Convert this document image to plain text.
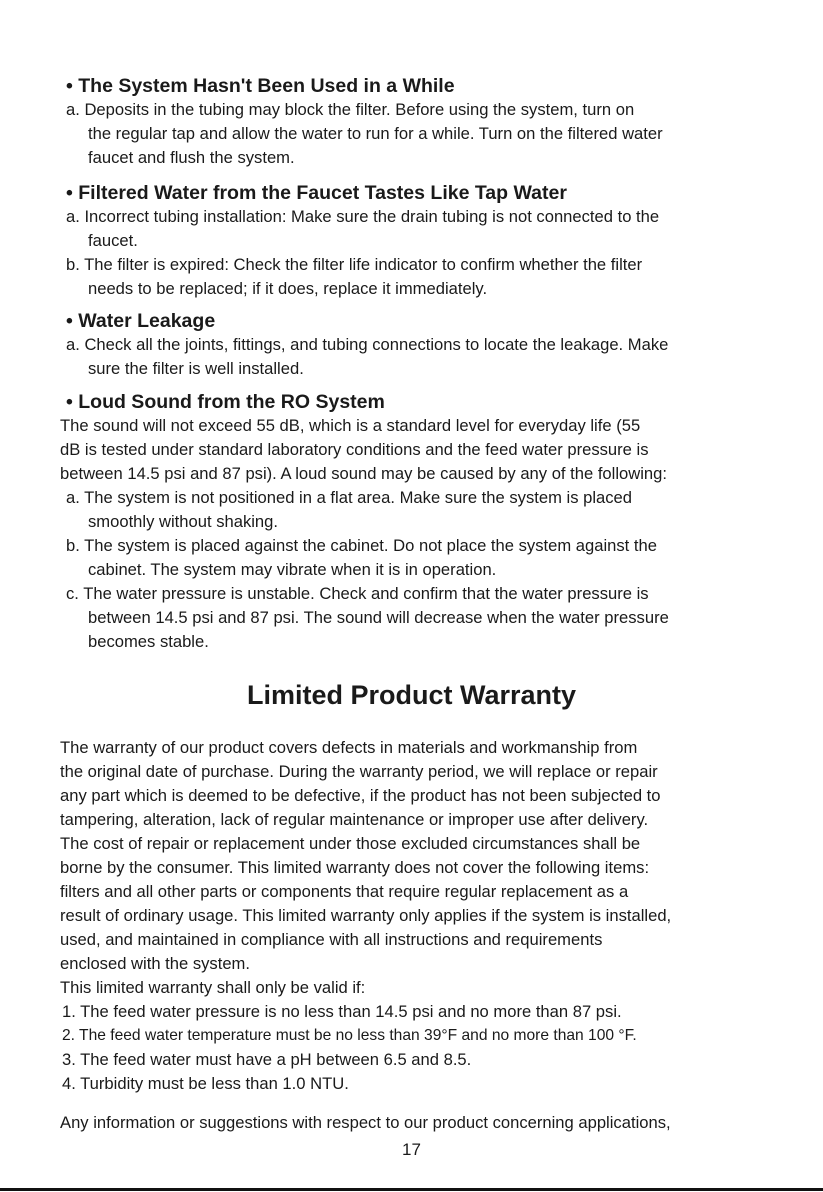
• The System Hasn't Been Used in a While
a. Deposits in the tubing may block the filter. Before using the system, turn on
the regular tap and allow the water to run for a while. Turn on the filtered water
faucet and flush the system.
• Filtered Water from the Faucet Tastes Like Tap Water
a. Incorrect tubing installation: Make sure the drain tubing is not connected to the
faucet.
b. The filter is expired: Check the filter life indicator to confirm whether the filter
needs to be replaced; if it does, replace it immediately.
• Water Leakage
a. Check all the joints, fittings, and tubing connections to locate the leakage. Make
sure the filter is well installed.
• Loud Sound from the RO System
The sound will not exceed 55 dB, which is a standard level for everyday life (55
dB is tested under standard laboratory conditions and the feed water pressure is
between 14.5 psi and 87 psi). A loud sound may be caused by any of the following:
a. The system is not positioned in a flat area. Make sure the system is placed
smoothly without shaking.
b. The system is placed against the cabinet. Do not place the system against the
cabinet. The system may vibrate when it is in operation.
c. The water pressure is unstable. Check and confirm that the water pressure is
between 14.5 psi and 87 psi. The sound will decrease when the water pressure
becomes stable.
Limited Product Warranty
The warranty of our product covers defects in materials and workmanship from
the original date of purchase. During the warranty period, we will replace or repair
any part which is deemed to be defective, if the product has not been subjected to
tampering, alteration, lack of regular maintenance or improper use after delivery.
The cost of repair or replacement under those excluded circumstances shall be
borne by the consumer. This limited warranty does not cover the following items:
filters and all other parts or components that require regular replacement as a
result of ordinary usage. This limited warranty only applies if the system is installed,
used, and maintained in compliance with all instructions and requirements
enclosed with the system.
This limited warranty shall only be valid if:
1. The feed water pressure is no less than 14.5 psi and no more than 87 psi.
2. The feed water temperature must be no less than 39°F and no more than 100 °F.
3. The feed water must have a pH between 6.5 and 8.5.
4. Turbidity must be less than 1.0 NTU.
Any information or suggestions with respect to our product concerning applications,
17
